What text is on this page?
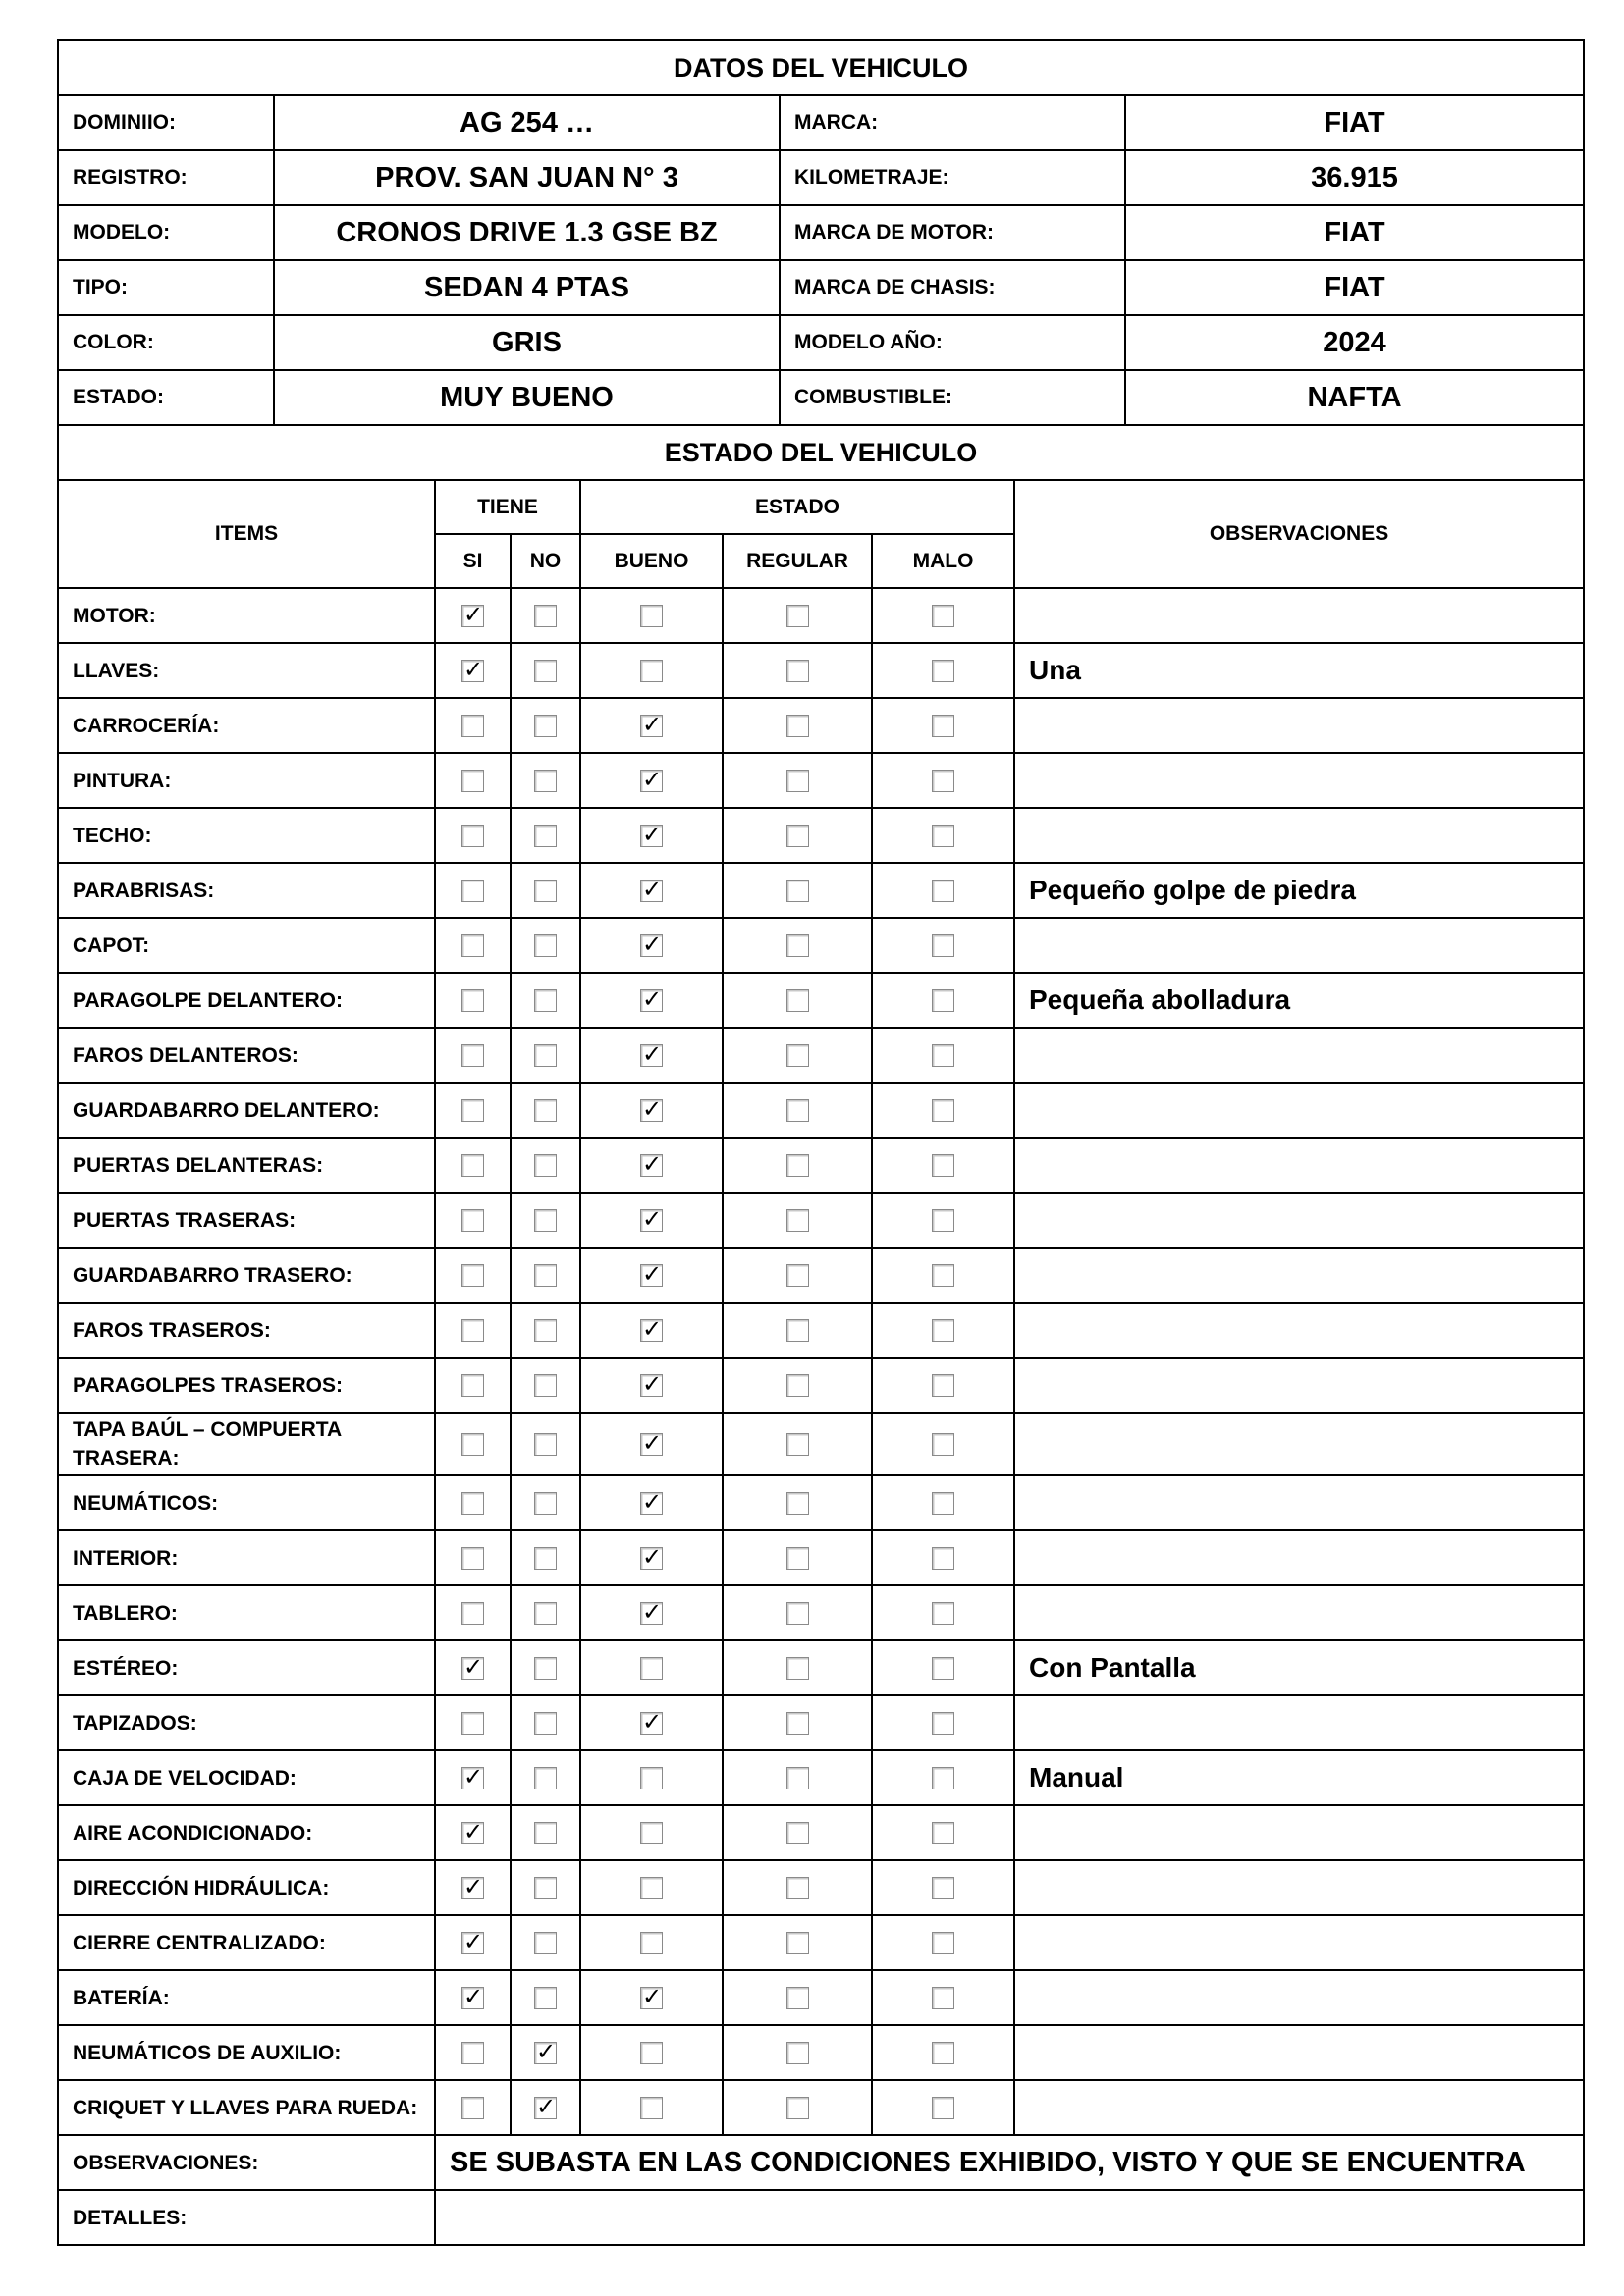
DATOS DEL VEHICULO			
DOMINIIO:	AG 254 …	MARCA:	FIAT
REGISTRO:	PROV. SAN JUAN N° 3	KILOMETRAJE:	36.915
MODELO:	CRONOS DRIVE 1.3 GSE BZ	MARCA DE MOTOR:	FIAT
TIPO:	SEDAN 4 PTAS	MARCA DE CHASIS:	FIAT
COLOR:	GRIS	MODELO AÑO:	2024
ESTADO:	MUY BUENO	COMBUSTIBLE:	NAFTA
ESTADO DEL VEHICULO						
ITEMS	TIENE		ESTADO			OBSERVACIONES
	SI	NO	BUENO	REGULAR	MALO	
MOTOR:	✓					
LLAVES:	✓					Una
CARROCERÍA:			✓			
PINTURA:			✓			
TECHO:			✓			
PARABRISAS:			✓			Pequeño golpe de piedra
CAPOT:			✓			
PARAGOLPE DELANTERO:			✓			Pequeña abolladura
FAROS DELANTEROS:			✓			
GUARDABARRO DELANTERO:			✓			
PUERTAS DELANTERAS:			✓			
PUERTAS TRASERAS:			✓			
GUARDABARRO TRASERO:			✓			
FAROS TRASEROS:			✓			
PARAGOLPES TRASEROS:			✓			
TAPA BAÚL – COMPUERTA TRASERA:			✓			
NEUMÁTICOS:			✓			
INTERIOR:			✓			
TABLERO:			✓			
ESTÉREO:	✓					Con Pantalla
TAPIZADOS:			✓			
CAJA DE VELOCIDAD:	✓					Manual
AIRE ACONDICIONADO:	✓					
DIRECCIÓN HIDRÁULICA:	✓					
CIERRE CENTRALIZADO:	✓					
BATERÍA:	✓		✓			
NEUMÁTICOS DE AUXILIO:		✓				
CRIQUET Y LLAVES PARA RUEDA:		✓				
OBSERVACIONES:	SE SUBASTA EN LAS CONDICIONES EXHIBIDO, VISTO Y QUE SE ENCUENTRA					
DETALLES:						
